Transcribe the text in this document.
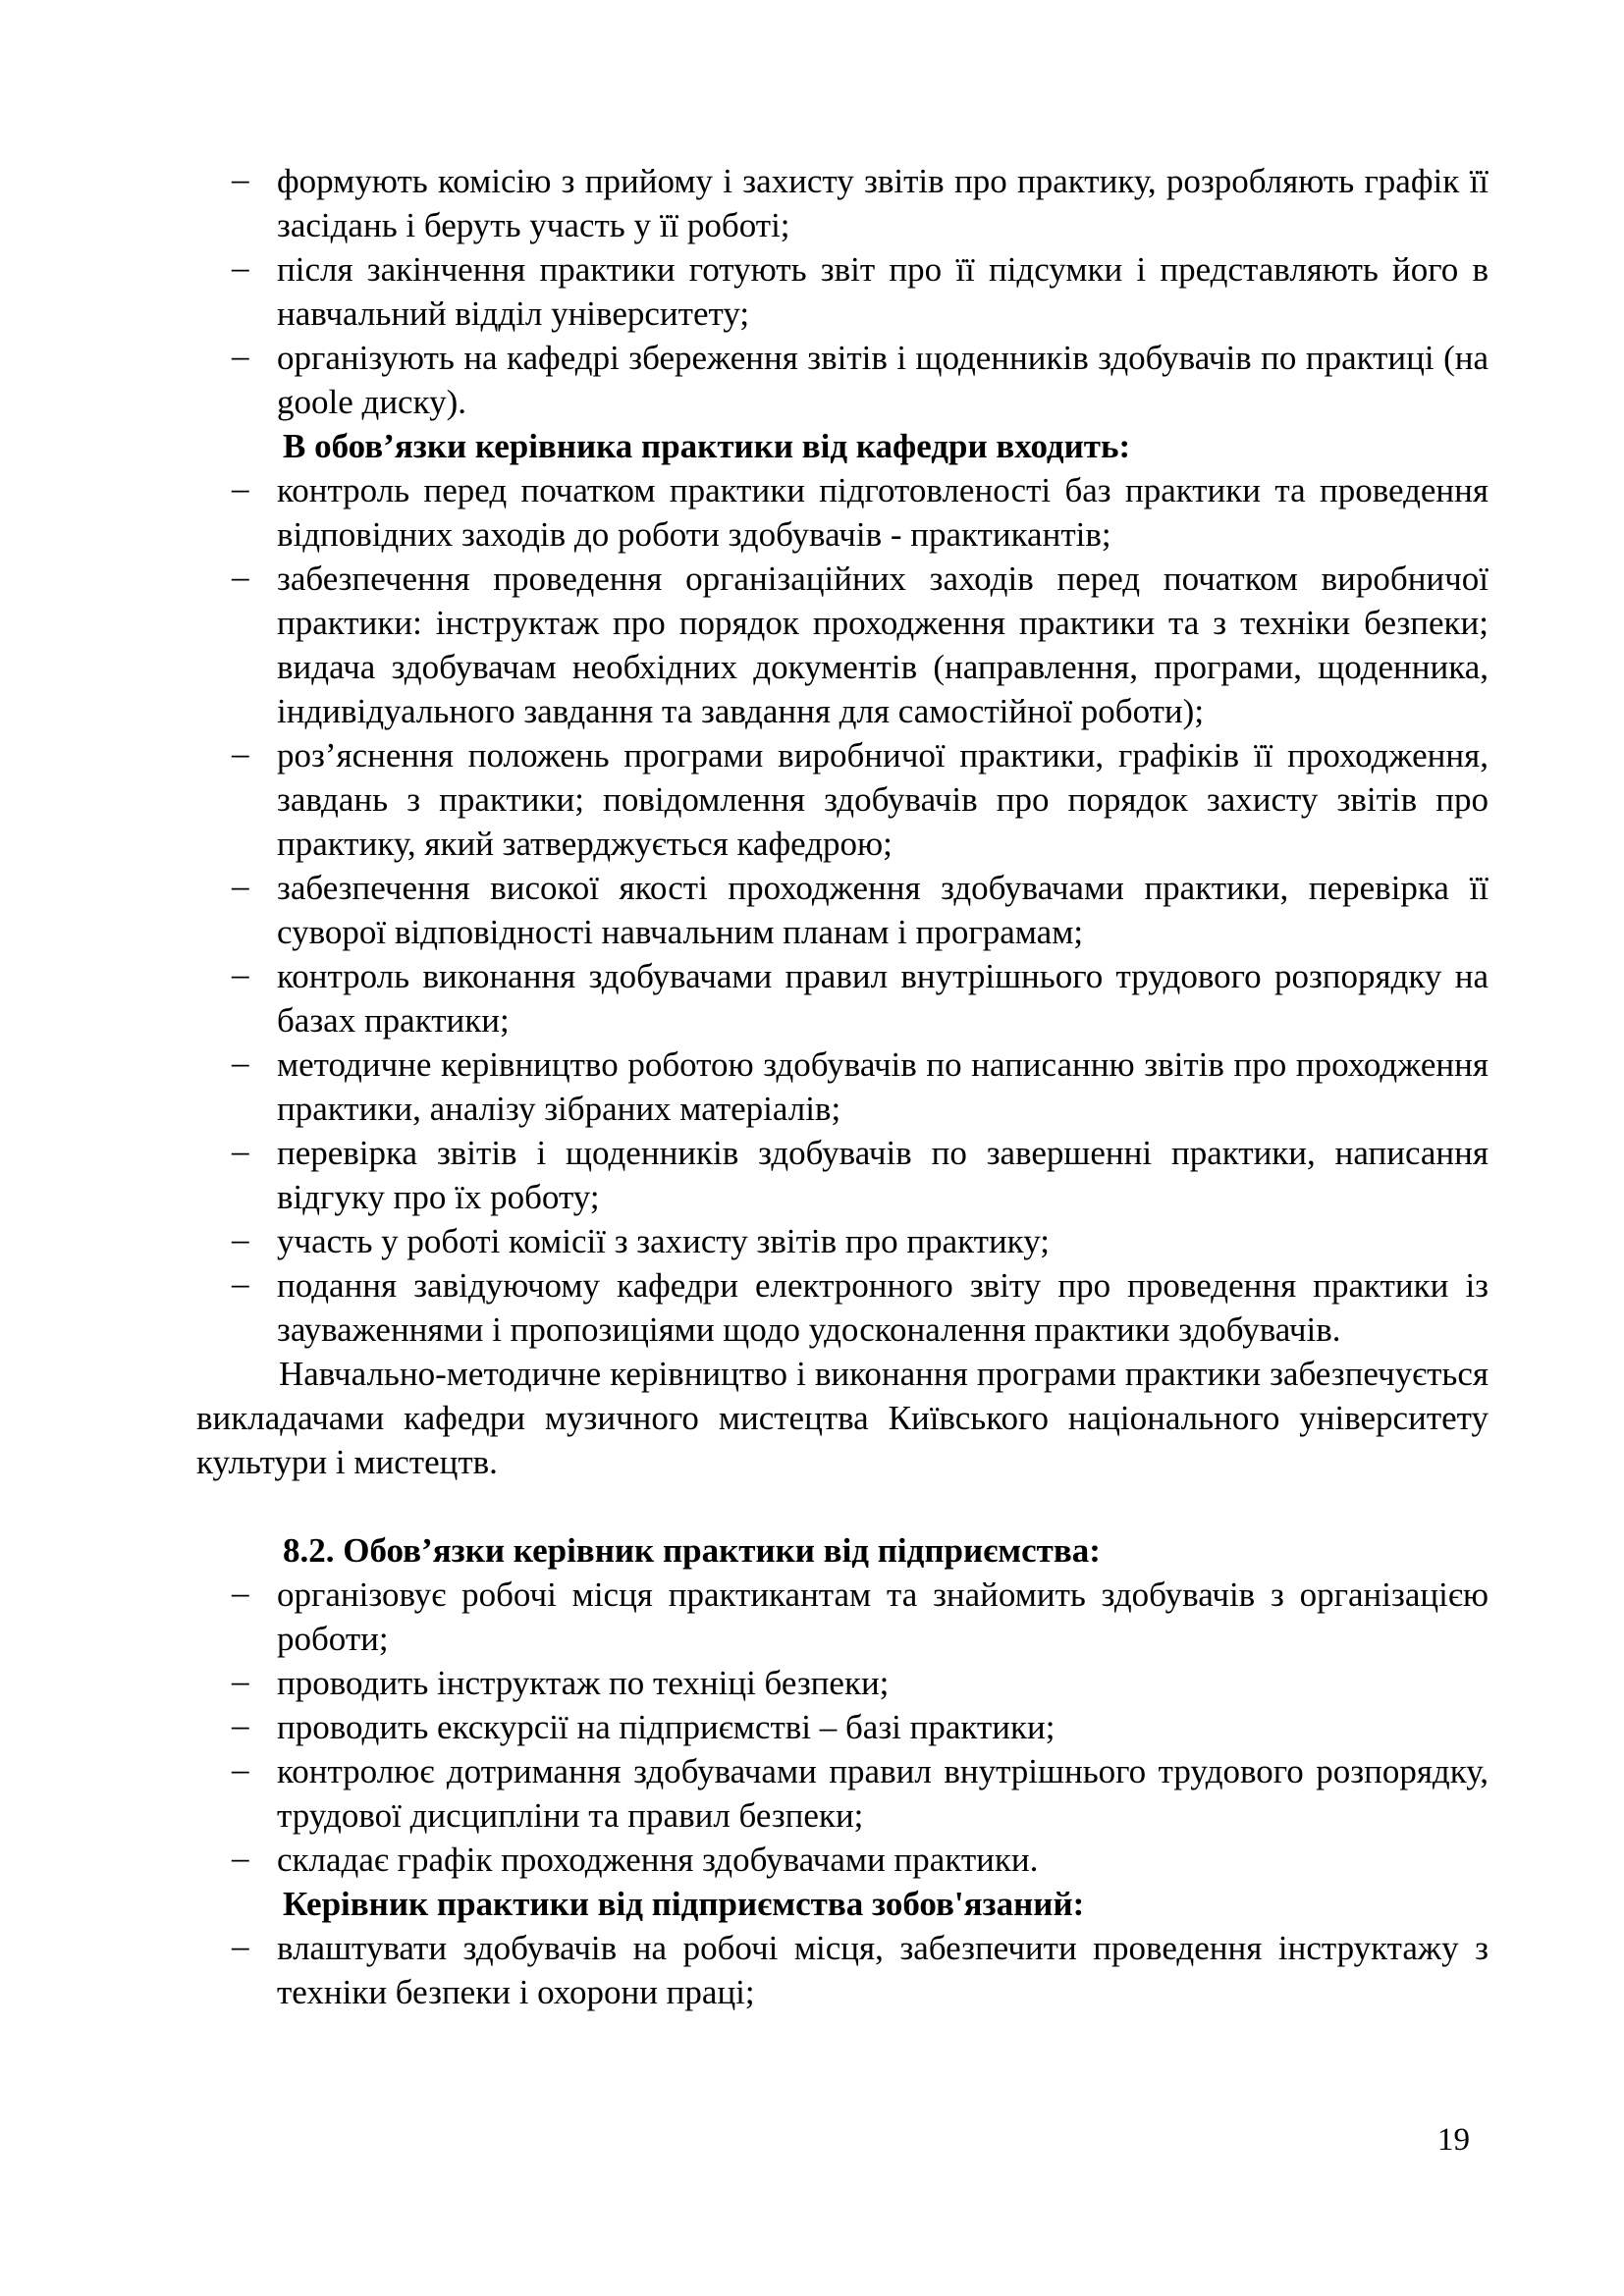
– формують комісію з прийому і захисту звітів про практику, розробляють графік її засідань і беруть участь у її роботі;
– після закінчення практики готують звіт про її підсумки і представляють його в навчальний відділ університету;
– організують на кафедрі збереження звітів і щоденників здобувачів по практиці (на goole диску).

В обов’язки керівника практики від кафедри входить:

– контроль перед початком практики підготовленості баз практики та проведення відповідних заходів до роботи здобувачів - практикантів;
– забезпечення проведення організаційних заходів перед початком виробничої практики: інструктаж про порядок проходження практики та з техніки безпеки; видача здобувачам необхідних документів (направлення, програми, щоденника, індивідуального завдання та завдання для самостійної роботи);
– роз’яснення положень програми виробничої практики, графіків її проходження, завдань з практики; повідомлення здобувачів про порядок захисту звітів про практику, який затверджується кафедрою;
– забезпечення високої якості проходження здобувачами практики, перевірка її суворої відповідності навчальним планам і програмам;
– контроль виконання здобувачами правил внутрішнього трудового розпорядку на базах практики;
– методичне керівництво роботою здобувачів по написанню звітів про проходження практики, аналізу зібраних матеріалів;
– перевірка звітів і щоденників здобувачів по завершенні практики, написання відгуку про їх роботу;
– участь у роботі комісії з захисту звітів про практику;
– подання завідуючому кафедри електронного звіту про проведення практики із зауваженнями і пропозиціями щодо удосконалення практики здобувачів.

Навчально-методичне керівництво і виконання програми практики забезпечується викладачами кафедри музичного мистецтва Київського національного університету культури і мистецтв.

8.2. Обов’язки керівник практики від підприємства:

– організовує робочі місця практикантам та знайомить здобувачів з організацією роботи;
– проводить інструктаж по техніці безпеки;
– проводить екскурсії на підприємстві – базі практики;
– контролює дотримання здобувачами правил внутрішнього трудового розпорядку, трудової дисципліни та правил безпеки;
– складає графік проходження здобувачами практики.

Керівник практики від підприємства зобов'язаний:

– влаштувати здобувачів на робочі місця, забезпечити проведення інструктажу з техніки безпеки і охорони праці;
19
